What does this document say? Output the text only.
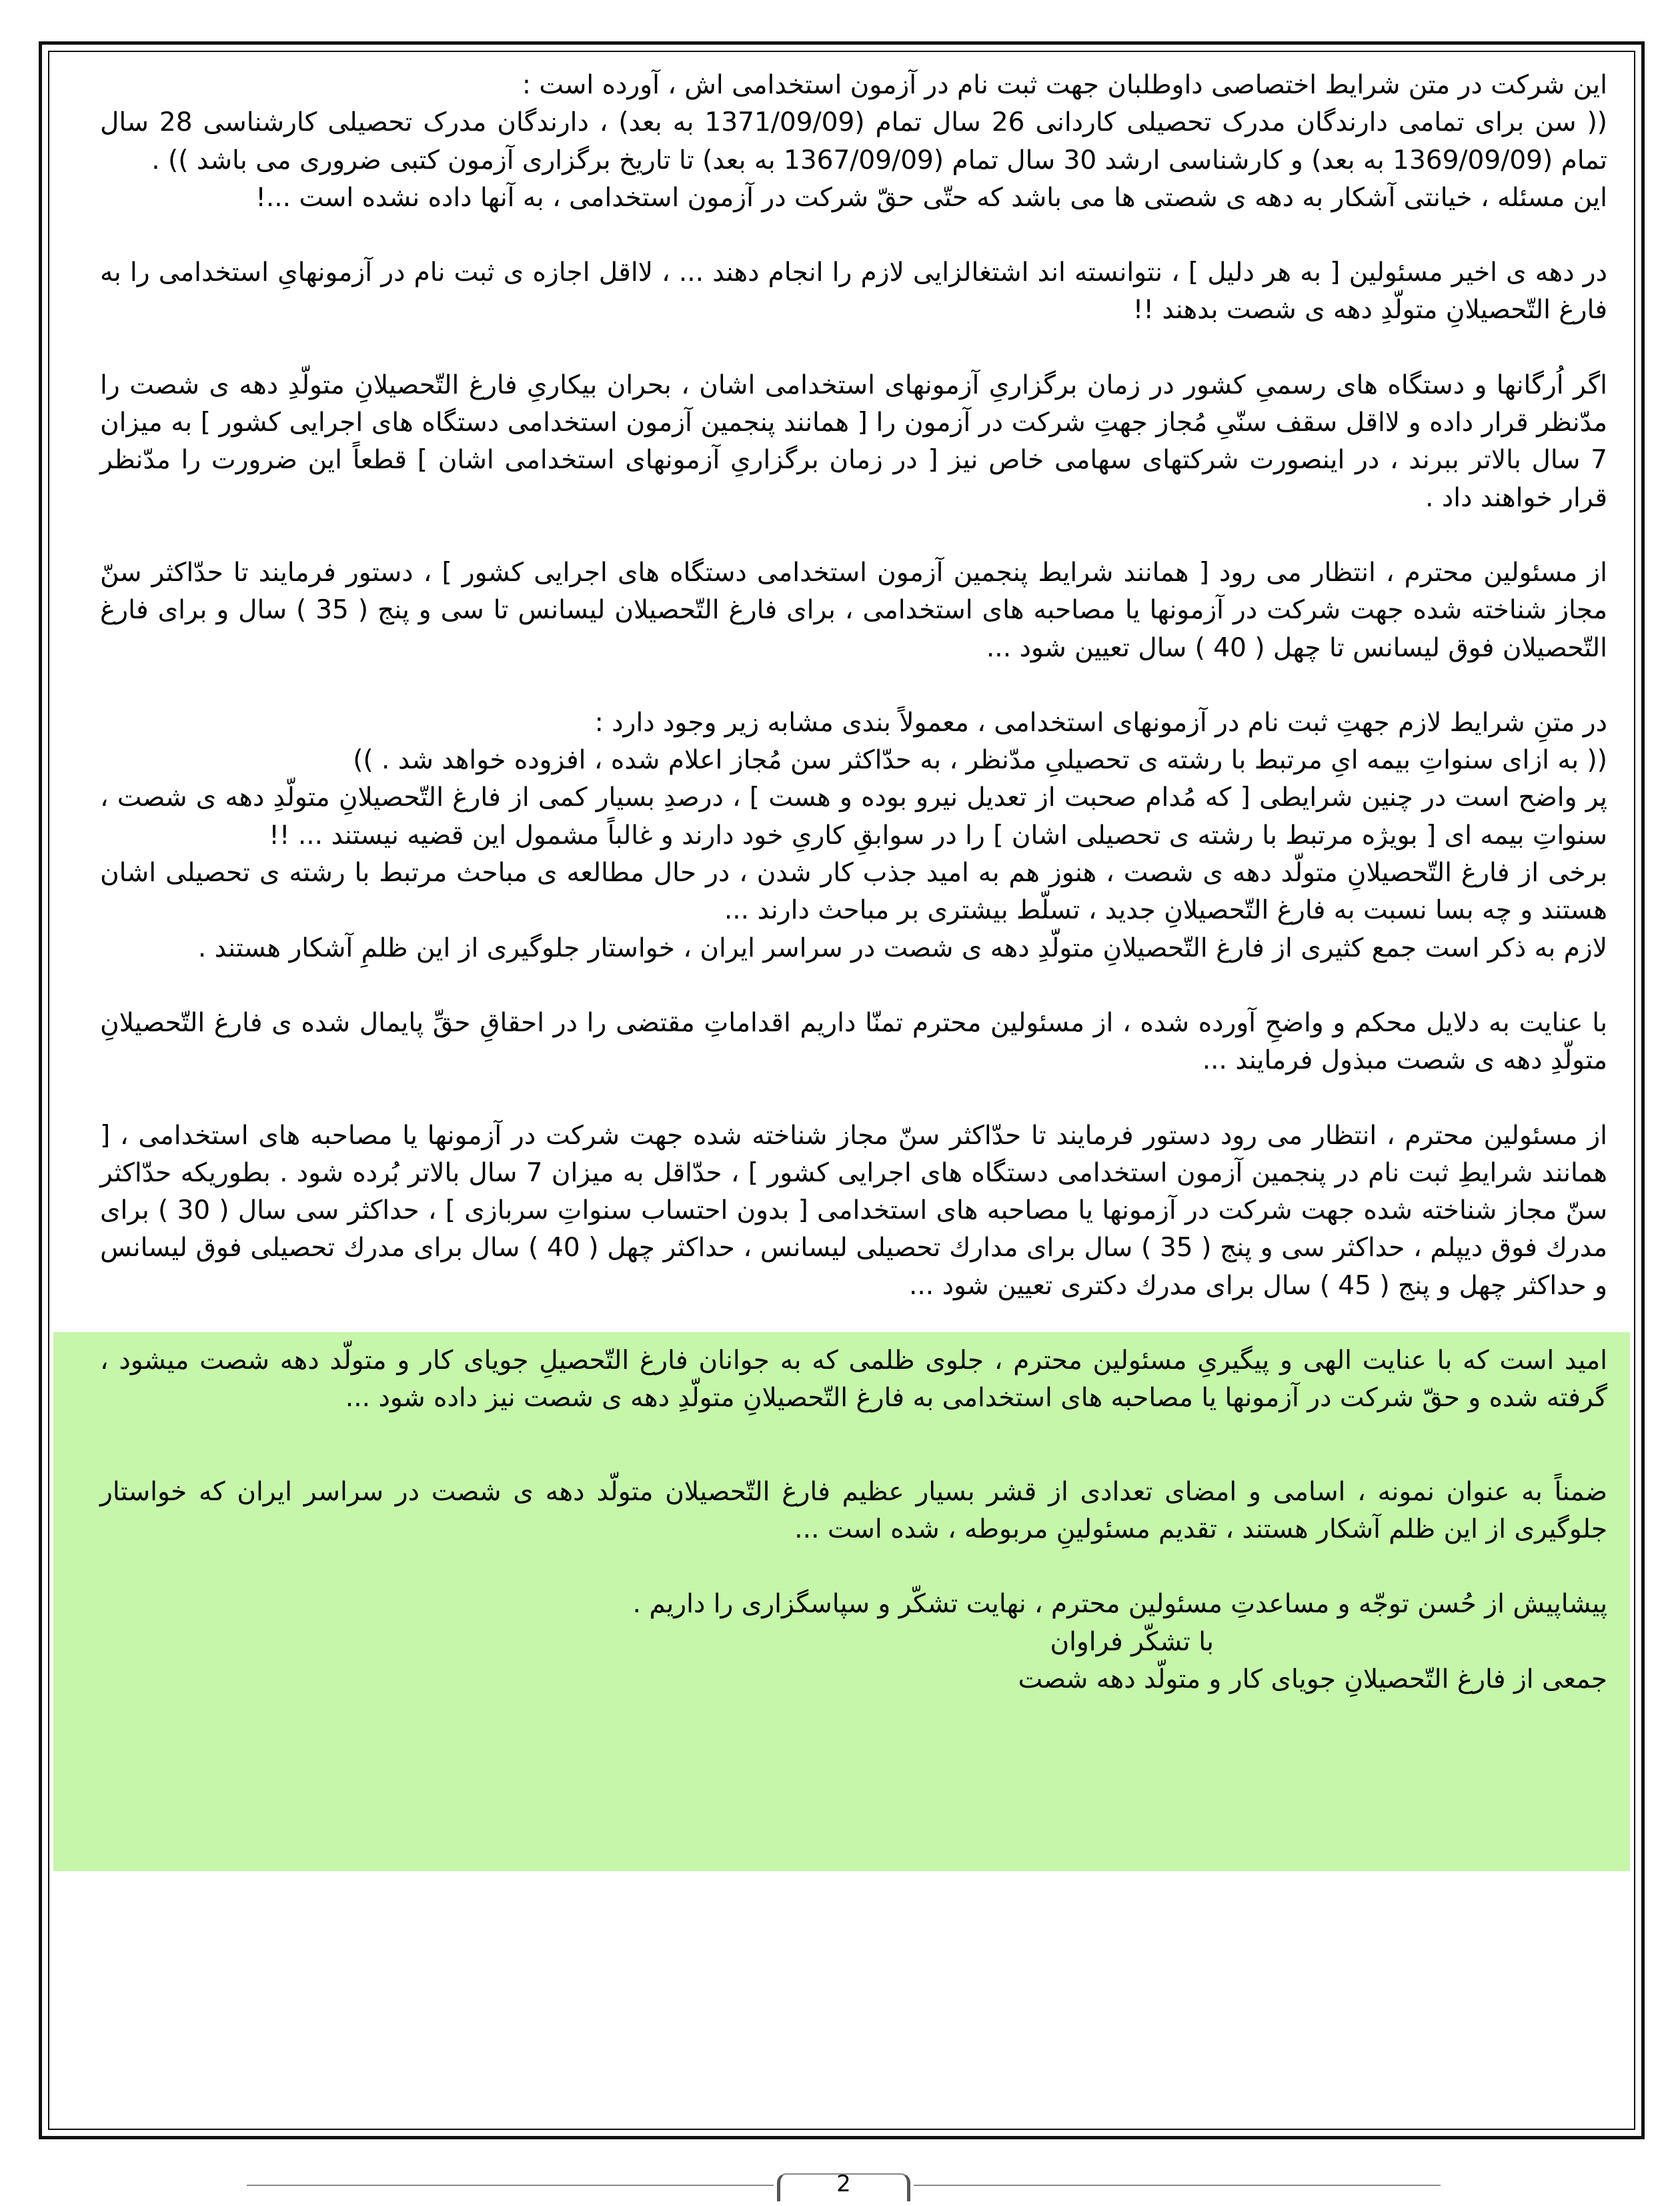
این شرکت در متن شرایط اختصاصی داوطلبان جهت ثبت نام در آزمون استخدامی اش ، آورده است :

(( سن برای تمامی دارندگان مدرک تحصیلی کاردانی 26 سال تمام (1371/09/09 به بعد) ، دارندگان مدرک تحصیلی کارشناسی 28 سال تمام (1369/09/09 به بعد) و کارشناسی ارشد 30 سال تمام (1367/09/09 به بعد) تا تاریخ برگزاری آزمون کتبی ضروری می باشد )) .

این مسئله ، خیانتی آشکار به دهه ی شصتی ها می باشد که حتّی حقّ شرکت در آزمون استخدامی ، به آنها داده نشده است ...!

در دهه ی اخیر مسئولین [ به هر دلیل ] ، نتوانسته اند اشتغالزایی لازم را انجام دهند ... ، لااقل اجازه ی ثبت نام در آزمونهایِ استخدامی را به فارغ التّحصیلانِ متولّدِ دهه ی شصت بدهند !!

اگر اُرگانها و دستگاه های رسمیِ کشور در زمان برگزاریِ آزمونهای استخدامی اشان ، بحران بیکاریِ فارغ التّحصیلانِ متولّدِ دهه ی شصت را مدّنظر قرار داده و لااقل سقف سنّیِ مُجاز جهتِ شرکت در آزمون را [ همانند پنجمین آزمون استخدامی دستگاه های اجرایی کشور ] به میزان 7 سال بالاتر ببرند ، در اینصورت شرکتهای سهامی خاص نیز [ در زمان برگزاریِ آزمونهای استخدامی اشان ] قطعاً این ضرورت را مدّنظر قرار خواهند داد .

از مسئولین محترم ، انتظار می رود [ همانند شرایط پنجمین آزمون استخدامی دستگاه های اجرایی کشور ] ، دستور فرمایند تا حدّاکثر سنّ مجاز شناخته شده جهت شرکت در آزمونها یا مصاحبه های استخدامی ، برای فارغ التّحصیلان لیسانس تا سی و پنج ( 35 ) سال و برای فارغ التّحصیلان فوق لیسانس تا چهل ( 40 ) سال تعیین شود ...

در متنِ شرایط لازم جهتِ ثبت نام در آزمونهای استخدامی ، معمولاً بندی مشابه زیر وجود دارد :

(( به ازای سنواتِ بیمه ایِ مرتبط با رشته ی تحصیلیِ مدّنظر ، به حدّاکثر سن مُجاز اعلام شده ، افزوده خواهد شد . ))

پر واضح است در چنین شرایطی [ که مُدام صحبت از تعدیل نیرو بوده و هست ] ، درصدِ بسیار کمی از فارغ التّحصیلانِ متولّدِ دهه ی شصت ، سنواتِ بیمه ای [ بویژه مرتبط با رشته ی تحصیلی اشان ] را در سوابقِ کاریِ خود دارند و غالباً مشمول این قضیه نیستند ... !!

برخی از فارغ التّحصیلانِ متولّد دهه ی شصت ، هنوز هم به امید جذب کار شدن ، در حال مطالعه ی مباحث مرتبط با رشته ی تحصیلی اشان هستند و چه بسا نسبت به فارغ التّحصیلانِ جدید ، تسلّط بیشتری بر مباحث دارند ...

لازم به ذکر است جمع کثیری از فارغ التّحصیلانِ متولّدِ دهه ی شصت در سراسر ایران ، خواستار جلوگیری از این ظلمِ آشکار هستند .

با عنایت به دلایل محکم و واضحِ آورده شده ، از مسئولین محترم تمنّا داریم اقداماتِ مقتضی را در احقاقِ حقِّ پایمال شده ی فارغ التّحصیلانِ متولّدِ دهه ی شصت مبذول فرمایند ...

از مسئولین محترم ، انتظار می رود دستور فرمایند تا حدّاکثر سنّ مجاز شناخته شده جهت شرکت در آزمونها یا مصاحبه های استخدامی ، [ همانند شرایطِ ثبت نام در پنجمین آزمون استخدامی دستگاه های اجرایی کشور ] ، حدّاقل به میزان 7 سال بالاتر بُرده شود . بطوریکه حدّاکثر سنّ مجاز شناخته شده جهت شرکت در آزمونها یا مصاحبه های استخدامی [ بدون احتساب سنواتِ سربازی ] ، حداکثر سی سال ( 30 ) برای مدرك فوق دیپلم ، حداکثر سی و پنج ( 35 ) سال برای مدارك تحصیلی لیسانس ، حداکثر چهل ( 40 ) سال برای مدرك تحصیلی فوق لیسانس و حداکثر چهل و پنج ( 45 ) سال برای مدرك دكترى تعیین شود ...

امید است که با عنایت الهی و پیگیریِ مسئولین محترم ، جلوی ظلمی که به جوانان فارغ التّحصیلِ جویای کار و متولّد دهه شصت میشود ، گرفته شده و حقّ شرکت در آزمونها یا مصاحبه های استخدامی به فارغ التّحصیلانِ متولّدِ دهه ی شصت نیز داده شود ...

ضمناً به عنوان نمونه ، اسامی و امضای تعدادی از قشر بسیار عظیم فارغ التّحصیلان متولّد دهه ی شصت در سراسر ایران که خواستار جلوگیری از این ظلم آشکار هستند ، تقدیم مسئولینِ مربوطه ، شده است ...

پیشاپیش از حُسن توجّه و مساعدتِ مسئولین محترم ، نهایت تشکّر و سپاسگزاری را داریم .

با تشکّر فراوان

جمعی از فارغ التّحصیلانِ جویای کار و متولّد دهه شصت

2
